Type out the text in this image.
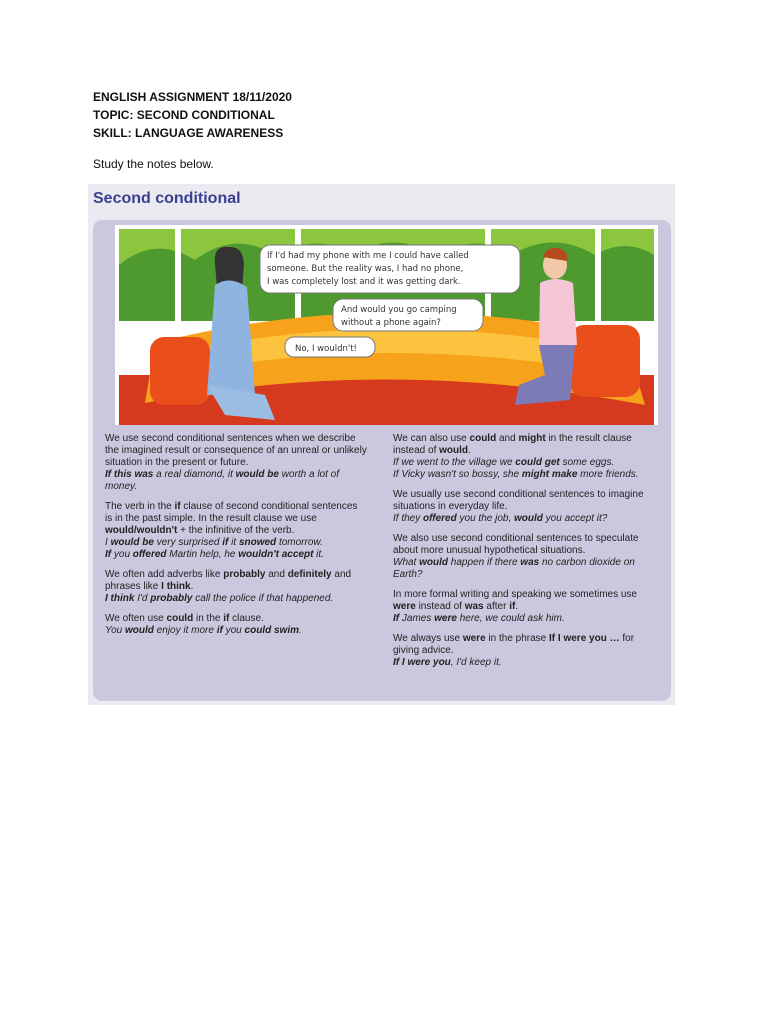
ENGLISH ASSIGNMENT 18/11/2020
TOPIC: SECOND CONDITIONAL
SKILL: LANGUAGE AWARENESS
Study the notes below.
Second conditional
If I'd had my phone with me I could have called
someone. But the reality was, I had no phone,
I was completely lost and it was getting dark.
And would you go camping
without a phone again?
No, I wouldn't!

We use second conditional sentences when we describe the imagined result or consequence of an unreal or unlikely situation in the present or future.
If this was a real diamond, it would be worth a lot of money.

The verb in the if clause of second conditional sentences is in the past simple. In the result clause we use would/wouldn't + the infinitive of the verb.
I would be very surprised if it snowed tomorrow.
If you offered Martin help, he wouldn't accept it.

We often add adverbs like probably and definitely and phrases like I think.
I think I'd probably call the police if that happened.

We often use could in the if clause.
You would enjoy it more if you could swim.

We can also use could and might in the result clause instead of would.
If we went to the village we could get some eggs.
If Vicky wasn't so bossy, she might make more friends.

We usually use second conditional sentences to imagine situations in everyday life.
If they offered you the job, would you accept it?

We also use second conditional sentences to speculate about more unusual hypothetical situations.
What would happen if there was no carbon dioxide on Earth?

In more formal writing and speaking we sometimes use were instead of was after if.
If James were here, we could ask him.

We always use were in the phrase If I were you … for giving advice.
If I were you, I'd keep it.
